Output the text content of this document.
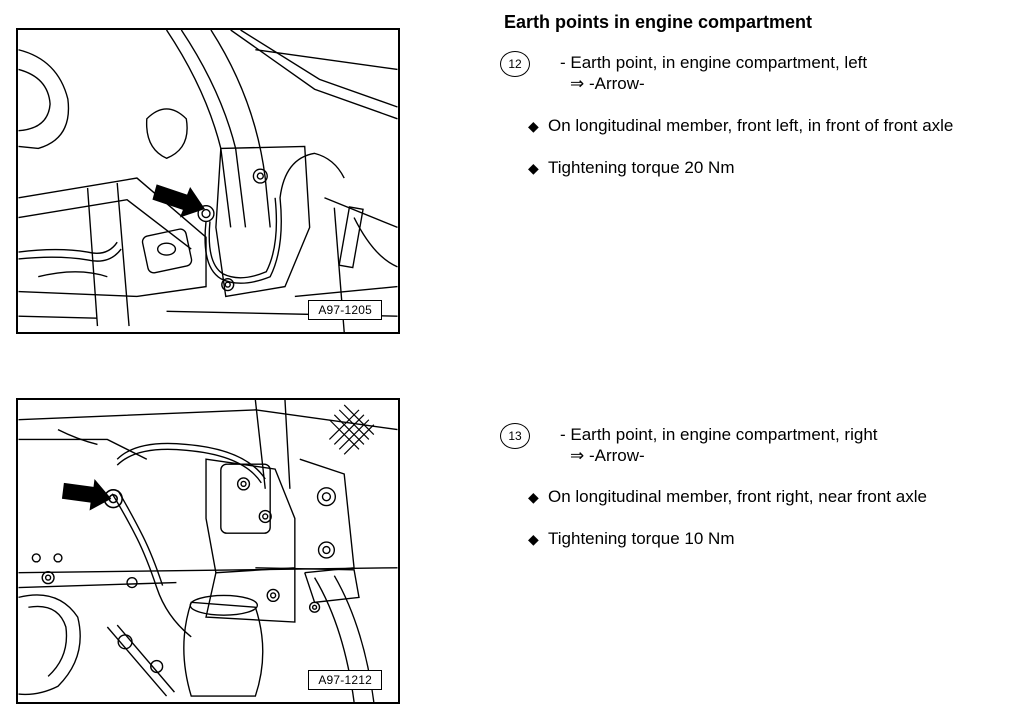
A97-1205
A97-1212
Earth points in engine compartment
12	- Earth point, in engine compartment, left
⇒ -Arrow-
◆ On longitudinal member, front left, in front of front axle
◆ Tightening torque 20 Nm
13	- Earth point, in engine compartment, right
⇒ -Arrow-
◆ On longitudinal member, front right, near front axle
◆ Tightening torque 10 Nm
